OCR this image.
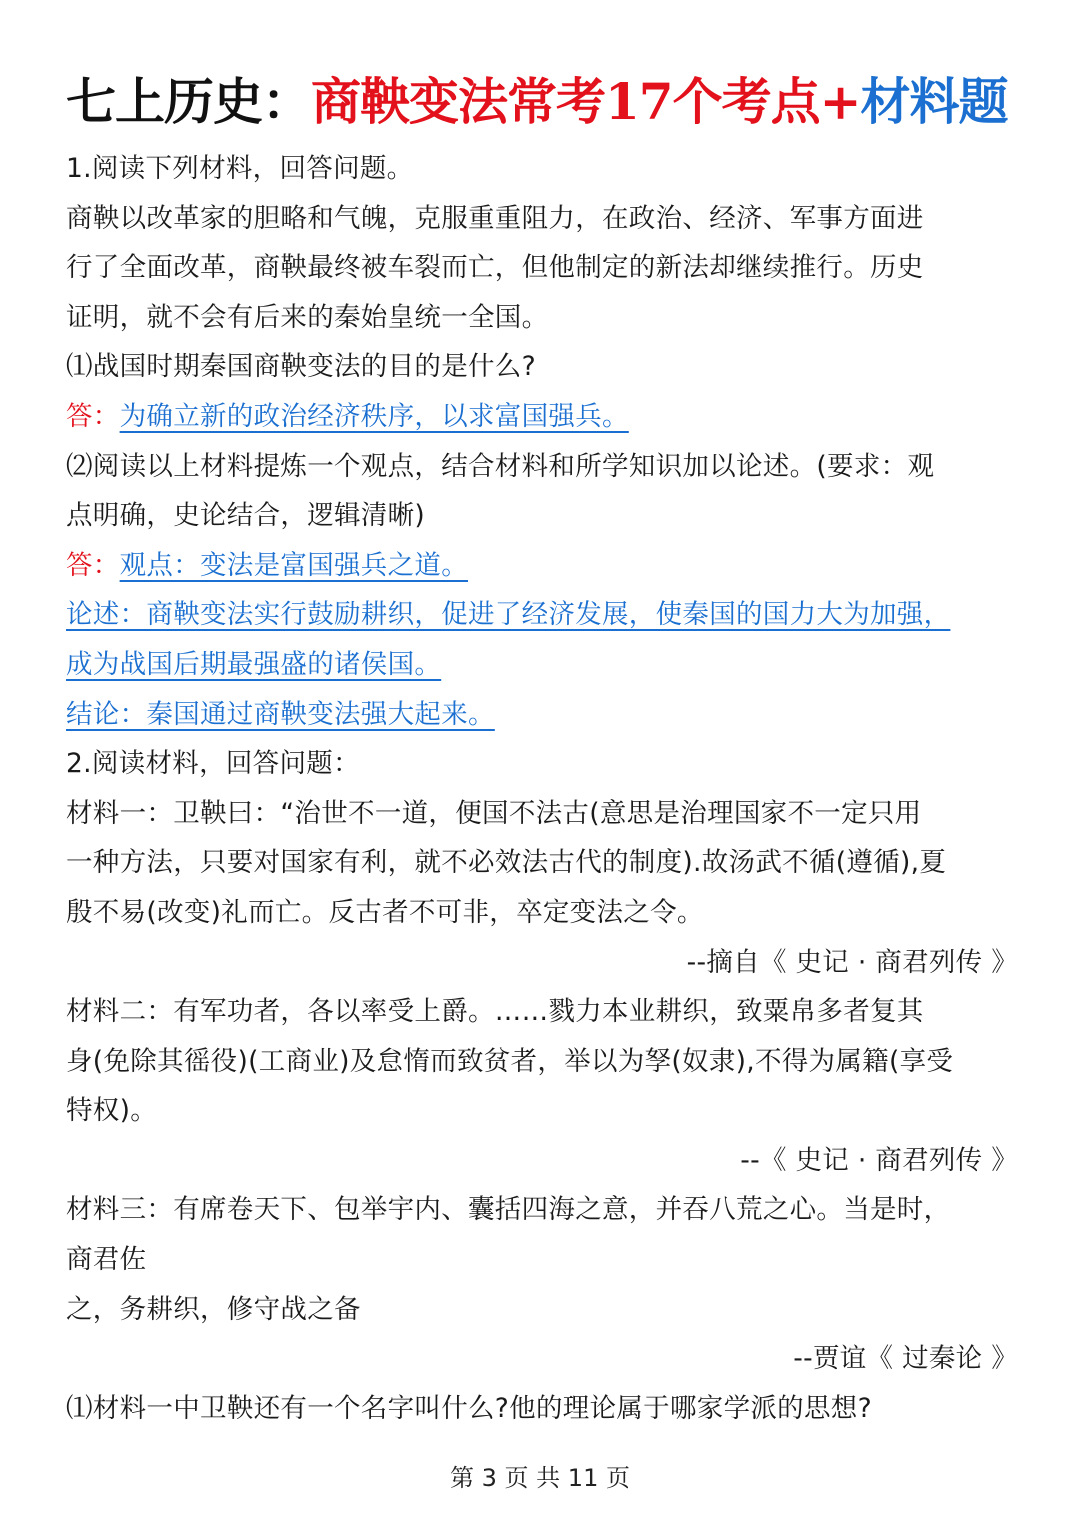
七上历史：商鞅变法常考17个考点+材料题

1.阅读下列材料，回答问题。

商鞅以改革家的胆略和气魄，克服重重阻力，在政治、经济、军事方面进

行了全面改革，商鞅最终被车裂而亡，但他制定的新法却继续推行。历史

证明，就不会有后来的秦始皇统一全国。

⑴战国时期秦国商鞅变法的目的是什么?

答：为确立新的政治经济秩序，以求富国强兵。

⑵阅读以上材料提炼一个观点，结合材料和所学知识加以论述。(要求：观

点明确，史论结合，逻辑清晰)

答：观点：变法是富国强兵之道。

论述：商鞅变法实行鼓励耕织，促进了经济发展，使秦国的国力大为加强，

成为战国后期最强盛的诸侯国。

结论：秦国通过商鞅变法强大起来。

2.阅读材料，回答问题：

材料一：卫鞅曰：“治世不一道，便国不法古(意思是治理国家不一定只用

一种方法，只要对国家有利，就不必效法古代的制度).故汤武不循(遵循),夏

殷不易(改变)礼而亡。反古者不可非，卒定变法之令。

--摘自《 史记 · 商君列传 》

材料二：有军功者，各以率受上爵。……戮力本业耕织，致粟帛多者复其

身(免除其徭役)(工商业)及怠惰而致贫者，举以为孥(奴隶),不得为属籍(享受

特权)。

--《 史记 · 商君列传 》

材料三：有席卷天下、包举宇内、囊括四海之意，并吞八荒之心。当是时，

商君佐

之，务耕织，修守战之备

--贾谊《 过秦论 》

⑴材料一中卫鞅还有一个名字叫什么?他的理论属于哪家学派的思想?

第 3 页 共 11 页
